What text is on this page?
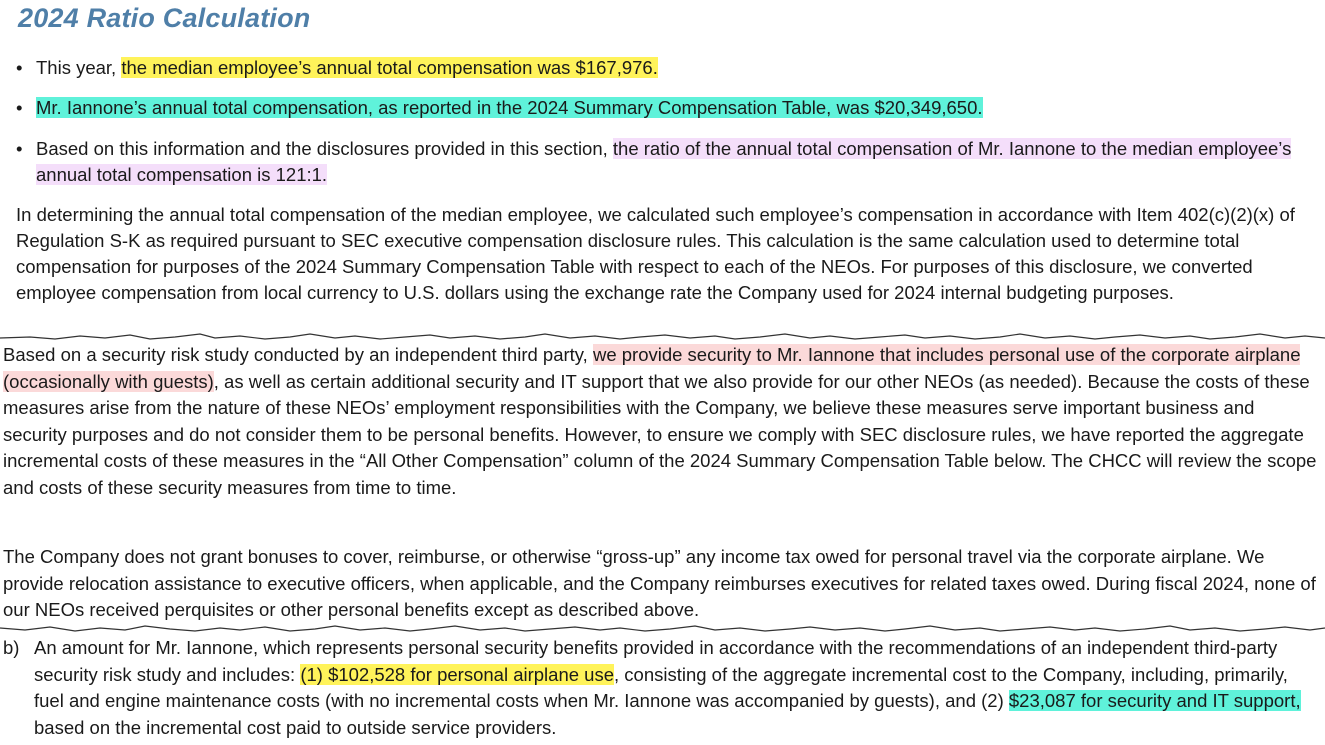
2024 Ratio Calculation
• This year, the median employee’s annual total compensation was $167,976.
• Mr. Iannone’s annual total compensation, as reported in the 2024 Summary Compensation Table, was $20,349,650.
• Based on this information and the disclosures provided in this section, the ratio of the annual total compensation of Mr. Iannone to the median employee’s annual total compensation is 121:1.

In determining the annual total compensation of the median employee, we calculated such employee’s compensation in accordance with Item 402(c)(2)(x) of Regulation S-K as required pursuant to SEC executive compensation disclosure rules. This calculation is the same calculation used to determine total compensation for purposes of the 2024 Summary Compensation Table with respect to each of the NEOs. For purposes of this disclosure, we converted employee compensation from local currency to U.S. dollars using the exchange rate the Company used for 2024 internal budgeting purposes.

Based on a security risk study conducted by an independent third party, we provide security to Mr. Iannone that includes personal use of the corporate airplane (occasionally with guests), as well as certain additional security and IT support that we also provide for our other NEOs (as needed). Because the costs of these measures arise from the nature of these NEOs’ employment responsibilities with the Company, we believe these measures serve important business and security purposes and do not consider them to be personal benefits. However, to ensure we comply with SEC disclosure rules, we have reported the aggregate incremental costs of these measures in the “All Other Compensation” column of the 2024 Summary Compensation Table below. The CHCC will review the scope and costs of these security measures from time to time.

The Company does not grant bonuses to cover, reimburse, or otherwise “gross-up” any income tax owed for personal travel via the corporate airplane. We provide relocation assistance to executive officers, when applicable, and the Company reimburses executives for related taxes owed. During fiscal 2024, none of our NEOs received perquisites or other personal benefits except as described above.

b) An amount for Mr. Iannone, which represents personal security benefits provided in accordance with the recommendations of an independent third-party security risk study and includes: (1) $102,528 for personal airplane use, consisting of the aggregate incremental cost to the Company, including, primarily, fuel and engine maintenance costs (with no incremental costs when Mr. Iannone was accompanied by guests), and (2) $23,087 for security and IT support, based on the incremental cost paid to outside service providers.
